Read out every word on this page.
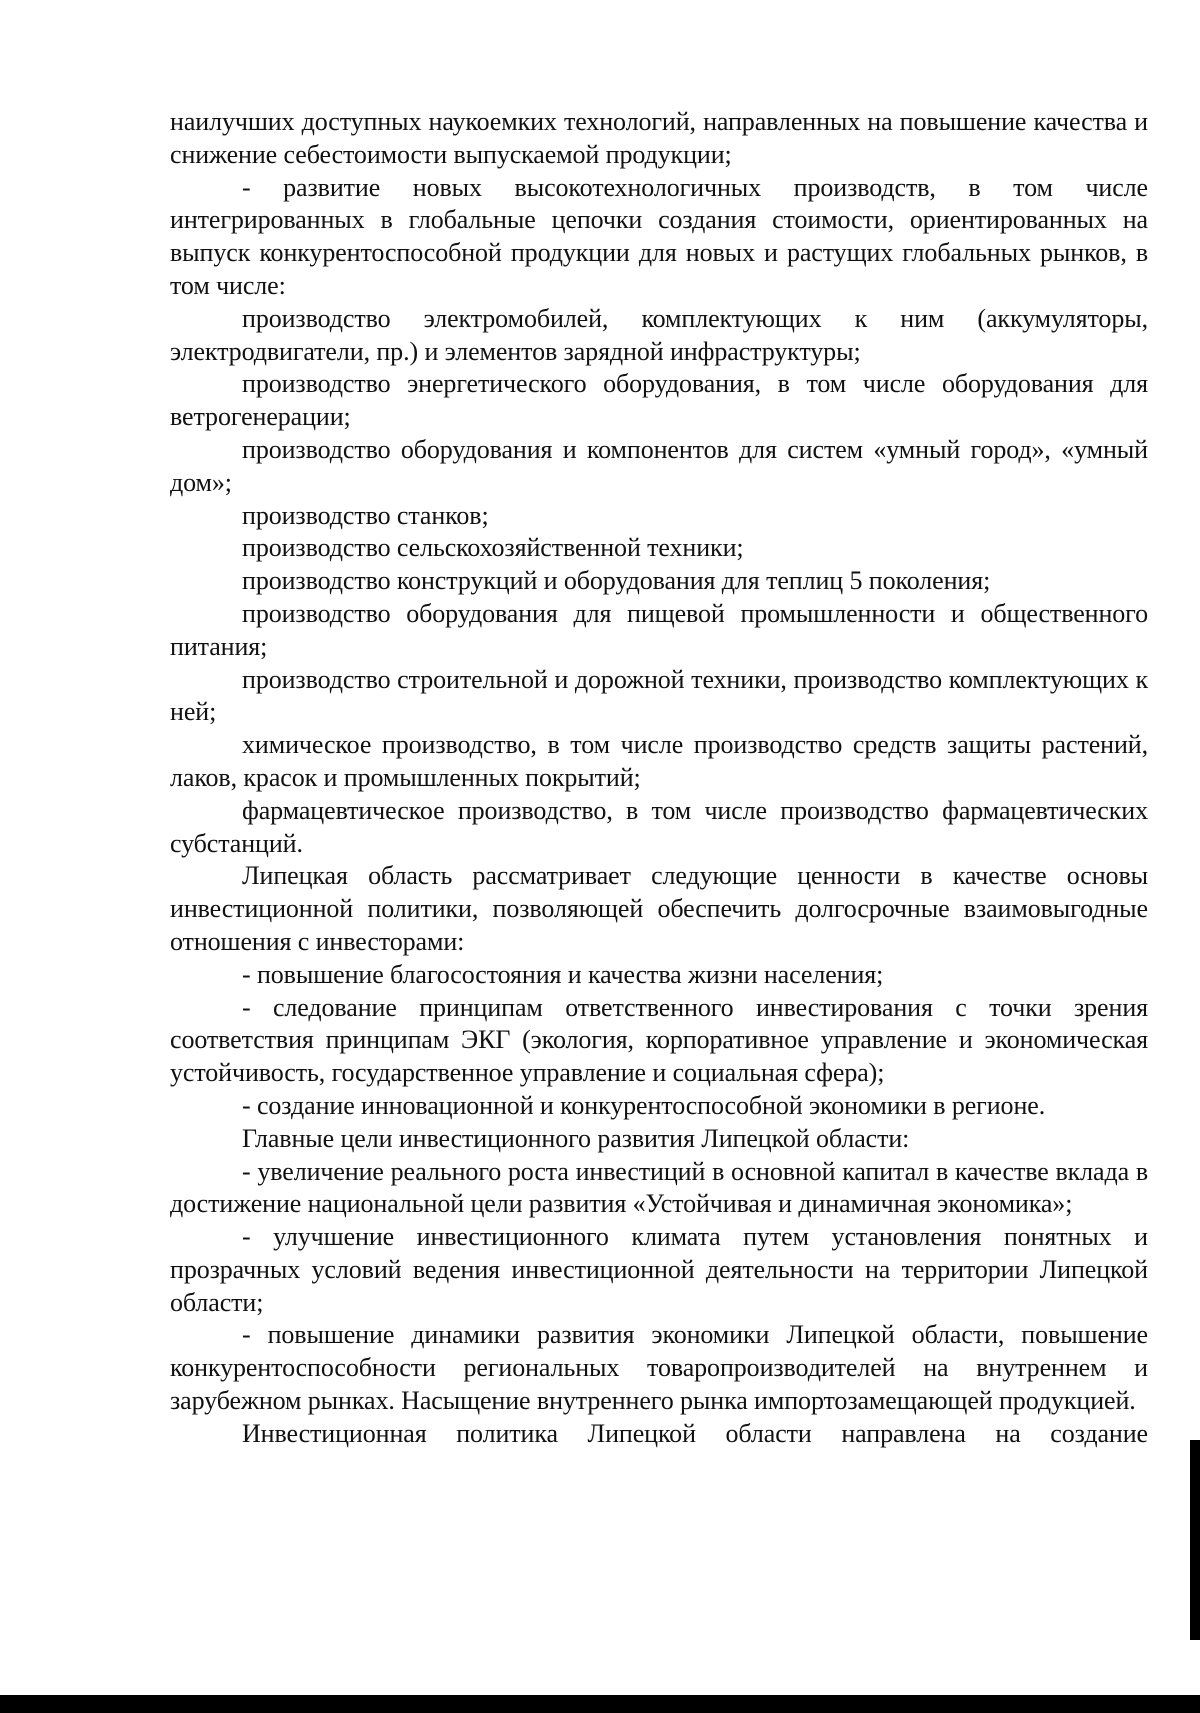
наилучших доступных наукоемких технологий, направленных на повышение качества и снижение себестоимости выпускаемой продукции;

- развитие новых высокотехнологичных производств, в том числе интегрированных в глобальные цепочки создания стоимости, ориентированных на выпуск конкурентоспособной продукции для новых и растущих глобальных рынков, в том числе:

производство электромобилей, комплектующих к ним (аккумуляторы, электродвигатели, пр.) и элементов зарядной инфраструктуры;

производство энергетического оборудования, в том числе оборудования для ветрогенерации;

производство оборудования и компонентов для систем «умный город», «умный дом»;

производство станков;

производство сельскохозяйственной техники;

производство конструкций и оборудования для теплиц 5 поколения;

производство оборудования для пищевой промышленности и общественного питания;

производство строительной и дорожной техники, производство комплектующих к ней;

химическое производство, в том числе производство средств защиты растений, лаков, красок и промышленных покрытий;

фармацевтическое производство, в том числе производство фармацевтических субстанций.

Липецкая область рассматривает следующие ценности в качестве основы инвестиционной политики, позволяющей обеспечить долгосрочные взаимовыгодные отношения с инвесторами:

- повышение благосостояния и качества жизни населения;

- следование принципам ответственного инвестирования с точки зрения соответствия принципам ЭКГ (экология, корпоративное управление и экономическая устойчивость, государственное управление и социальная сфера);

- создание инновационной и конкурентоспособной экономики в регионе.

Главные цели инвестиционного развития Липецкой области:

- увеличение реального роста инвестиций в основной капитал в качестве вклада в достижение национальной цели развития «Устойчивая и динамичная экономика»;

- улучшение инвестиционного климата путем установления понятных и прозрачных условий ведения инвестиционной деятельности на территории Липецкой области;

- повышение динамики развития экономики Липецкой области, повышение конкурентоспособности региональных товаропроизводителей на внутреннем и зарубежном рынках. Насыщение внутреннего рынка импортозамещающей продукцией.

Инвестиционная политика Липецкой области направлена на создание
